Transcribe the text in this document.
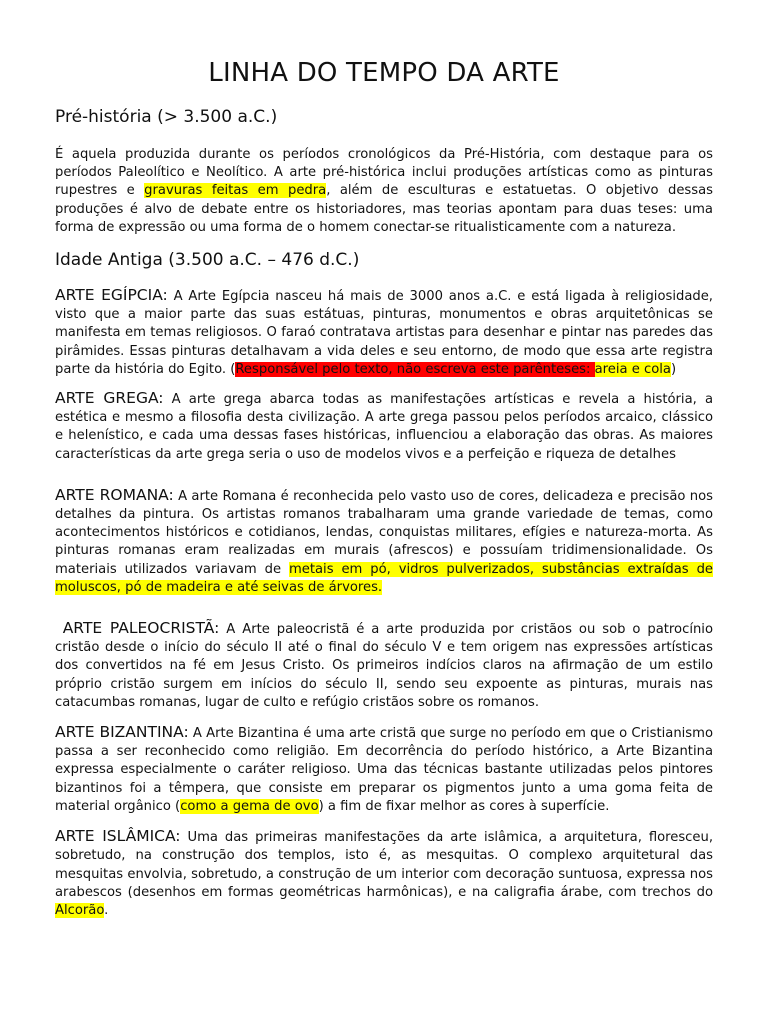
LINHA DO TEMPO DA ARTE
Pré-história (> 3.500 a.C.)

É aquela produzida durante os períodos cronológicos da Pré-História, com destaque para os períodos Paleolítico e Neolítico. A arte pré-histórica inclui produções artísticas como as pinturas rupestres e gravuras feitas em pedra, além de esculturas e estatuetas. O objetivo dessas produções é alvo de debate entre os historiadores, mas teorias apontam para duas teses: uma forma de expressão ou uma forma de o homem conectar-se ritualisticamente com a natureza.

Idade Antiga (3.500 a.C. – 476 d.C.)

ARTE EGÍPCIA: A Arte Egípcia nasceu há mais de 3000 anos a.C. e está ligada à religiosidade, visto que a maior parte das suas estátuas, pinturas, monumentos e obras arquitetônicas se manifesta em temas religiosos. O faraó contratava artistas para desenhar e pintar nas paredes das pirâmides. Essas pinturas detalhavam a vida deles e seu entorno, de modo que essa arte registra parte da história do Egito. (Responsável pelo texto, não escreva este parênteses: areia e cola)

ARTE GREGA: A arte grega abarca todas as manifestações artísticas e revela a história, a estética e mesmo a filosofia desta civilização. A arte grega passou pelos períodos arcaico, clássico e helenístico, e cada uma dessas fases históricas, influenciou a elaboração das obras. As maiores características da arte grega seria o uso de modelos vivos e a perfeição e riqueza de detalhes

ARTE ROMANA: A arte Romana é reconhecida pelo vasto uso de cores, delicadeza e precisão nos detalhes da pintura. Os artistas romanos trabalharam uma grande variedade de temas, como acontecimentos históricos e cotidianos, lendas, conquistas militares, efígies e natureza-morta. As pinturas romanas eram realizadas em murais (afrescos) e possuíam tridimensionalidade. Os materiais utilizados variavam de metais em pó, vidros pulverizados, substâncias extraídas de moluscos, pó de madeira e até seivas de árvores.

ARTE PALEOCRISTÃ: A Arte paleocristã é a arte produzida por cristãos ou sob o patrocínio cristão desde o início do século II até o final do século V e tem origem nas expressões artísticas dos convertidos na fé em Jesus Cristo. Os primeiros indícios claros na afirmação de um estilo próprio cristão surgem em inícios do século II, sendo seu expoente as pinturas, murais nas catacumbas romanas, lugar de culto e refúgio cristãos sobre os romanos.

ARTE BIZANTINA: A Arte Bizantina é uma arte cristã que surge no período em que o Cristianismo passa a ser reconhecido como religião. Em decorrência do período histórico, a Arte Bizantina expressa especialmente o caráter religioso. Uma das técnicas bastante utilizadas pelos pintores bizantinos foi a têmpera, que consiste em preparar os pigmentos junto a uma goma feita de material orgânico (como a gema de ovo) a fim de fixar melhor as cores à superfície.

ARTE ISLÂMICA: Uma das primeiras manifestações da arte islâmica, a arquitetura, floresceu, sobretudo, na construção dos templos, isto é, as mesquitas. O complexo arquitetural das mesquitas envolvia, sobretudo, a construção de um interior com decoração suntuosa, expressa nos arabescos (desenhos em formas geométricas harmônicas), e na caligrafia árabe, com trechos do Alcorão.
